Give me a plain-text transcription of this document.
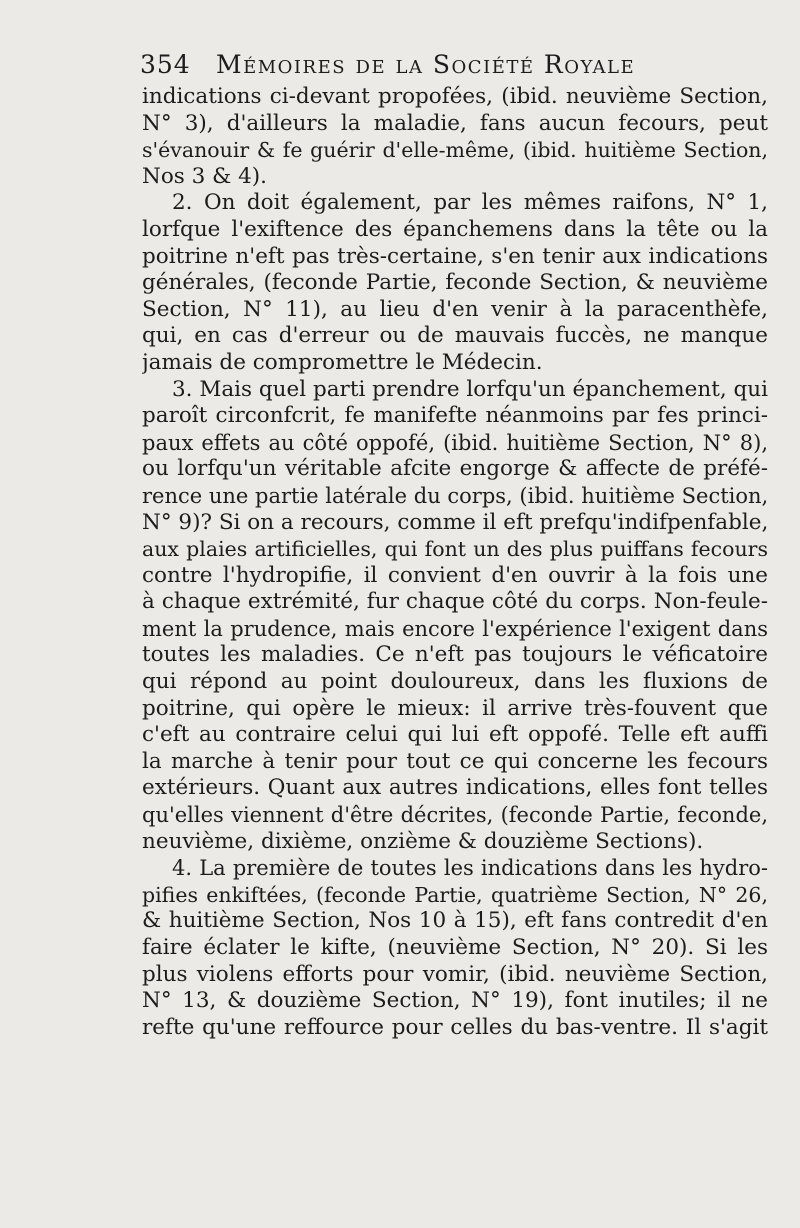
354 Mémoires de la Société Royale
indications ci-devant propofées, (ibid. neuvième Section,
N° 3), d'ailleurs la maladie, fans aucun fecours, peut
s'évanouir & fe guérir d'elle-même, (ibid. huitième Section,
Nos 3 & 4).
2. On doit également, par les mêmes raifons, N° 1,
lorfque l'exiftence des épanchemens dans la tête ou la
poitrine n'eft pas très-certaine, s'en tenir aux indications
générales, (feconde Partie, feconde Section, & neuvième
Section, N° 11), au lieu d'en venir à la paracenthèfe,
qui, en cas d'erreur ou de mauvais fuccès, ne manque
jamais de compromettre le Médecin.
3. Mais quel parti prendre lorfqu'un épanchement, qui
paroît circonfcrit, fe manifefte néanmoins par fes princi-
paux effets au côté oppofé, (ibid. huitième Section, N° 8),
ou lorfqu'un véritable afcite engorge & affecte de préfé-
rence une partie latérale du corps, (ibid. huitième Section,
N° 9)? Si on a recours, comme il eft prefqu'indifpenfable,
aux plaies artificielles, qui font un des plus puiffans fecours
contre l'hydropifie, il convient d'en ouvrir à la fois une
à chaque extrémité, fur chaque côté du corps. Non-feule-
ment la prudence, mais encore l'expérience l'exigent dans
toutes les maladies. Ce n'eft pas toujours le véficatoire
qui répond au point douloureux, dans les fluxions de
poitrine, qui opère le mieux: il arrive très-fouvent que
c'eft au contraire celui qui lui eft oppofé. Telle eft auffi
la marche à tenir pour tout ce qui concerne les fecours
extérieurs. Quant aux autres indications, elles font telles
qu'elles viennent d'être décrites, (feconde Partie, feconde,
neuvième, dixième, onzième & douzième Sections).
4. La première de toutes les indications dans les hydro-
pifies enkiftées, (feconde Partie, quatrième Section, N° 26,
& huitième Section, Nos 10 à 15), eft fans contredit d'en
faire éclater le kifte, (neuvième Section, N° 20). Si les
plus violens efforts pour vomir, (ibid. neuvième Section,
N° 13, & douzième Section, N° 19), font inutiles; il ne
refte qu'une reffource pour celles du bas-ventre. Il s'agit
